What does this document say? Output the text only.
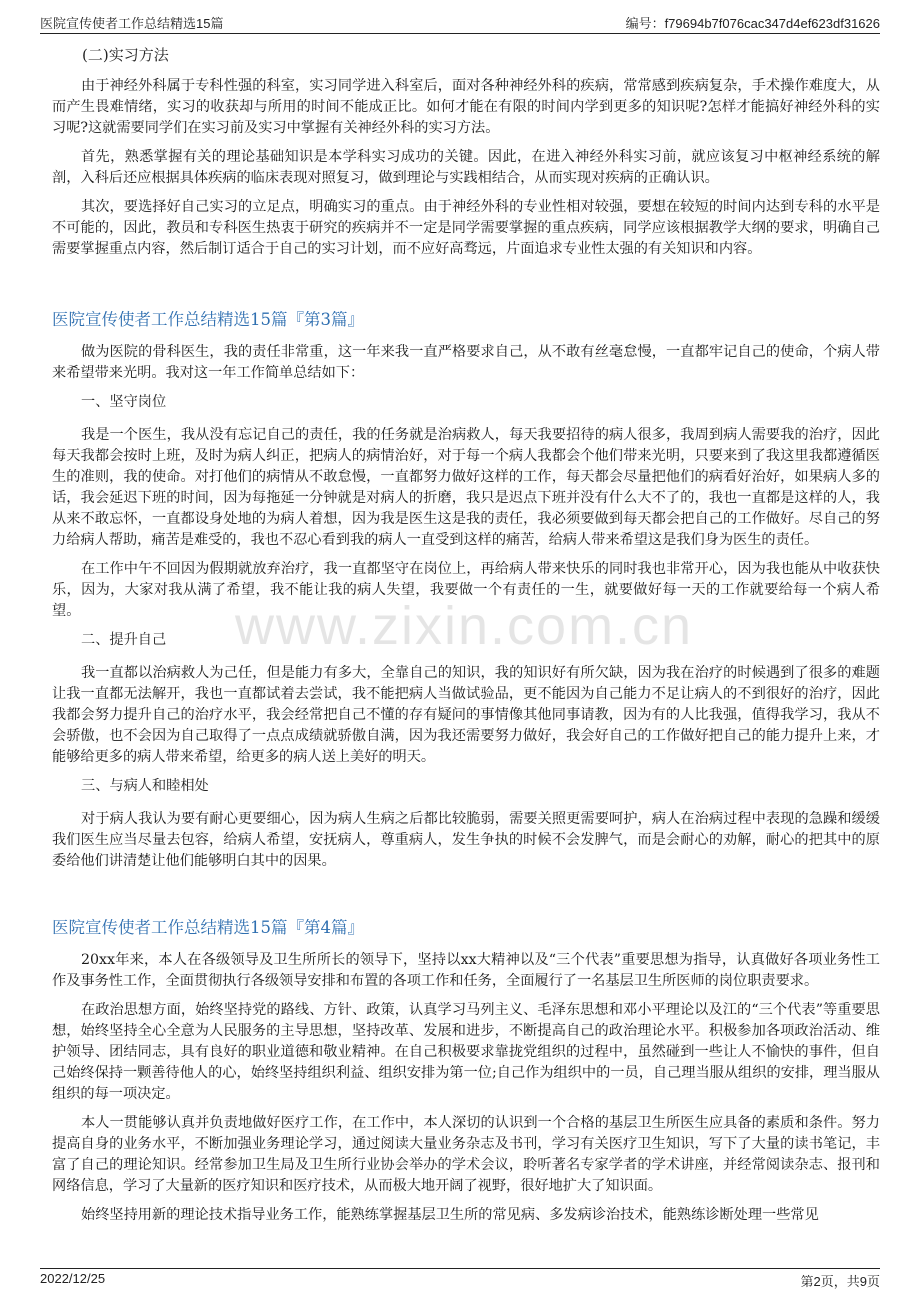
医院宣传使者工作总结精选15篇	编号：f79694b7f076cac347d4ef623df31626
(二)实习方法

由于神经外科属于专科性强的科室，实习同学进入科室后，面对各种神经外科的疾病，常常感到疾病复杂，手术操作难度大，从而产生畏难情绪，实习的收获却与所用的时间不能成正比。如何才能在有限的时间内学到更多的知识呢?怎样才能搞好神经外科的实习呢?这就需要同学们在实习前及实习中掌握有关神经外科的实习方法。

首先，熟悉掌握有关的理论基础知识是本学科实习成功的关键。因此，在进入神经外科实习前，就应该复习中枢神经系统的解剖，入科后还应根据具体疾病的临床表现对照复习，做到理论与实践相结合，从而实现对疾病的正确认识。

其次，要选择好自己实习的立足点，明确实习的重点。由于神经外科的专业性相对较强，要想在较短的时间内达到专科的水平是不可能的，因此，教员和专科医生热衷于研究的疾病并不一定是同学需要掌握的重点疾病，同学应该根据教学大纲的要求，明确自己需要掌握重点内容，然后制订适合于自己的实习计划，而不应好高骛远，片面追求专业性太强的有关知识和内容。

医院宣传使者工作总结精选15篇『第3篇』

做为医院的骨科医生，我的责任非常重，这一年来我一直严格要求自己，从不敢有丝毫怠慢，一直都牢记自己的使命，个病人带来希望带来光明。我对这一年工作简单总结如下：

一、坚守岗位

我是一个医生，我从没有忘记自己的责任，我的任务就是治病救人，每天我要招待的病人很多，我周到病人需要我的治疗，因此每天我都会按时上班，及时为病人纠正，把病人的病情治好，对于每一个病人我都会个他们带来光明，只要来到了我这里我都遵循医生的准则，我的使命。对打他们的病情从不敢怠慢，一直都努力做好这样的工作，每天都会尽量把他们的病看好治好，如果病人多的话，我会延迟下班的时间，因为每拖延一分钟就是对病人的折磨，我只是迟点下班并没有什么大不了的，我也一直都是这样的人，我从来不敢忘怀，一直都设身处地的为病人着想，因为我是医生这是我的责任，我必须要做到每天都会把自己的工作做好。尽自己的努力给病人帮助，痛苦是难受的，我也不忍心看到我的病人一直受到这样的痛苦，给病人带来希望这是我们身为医生的责任。

在工作中午不回因为假期就放弃治疗，我一直都坚守在岗位上，再给病人带来快乐的同时我也非常开心，因为我也能从中收获快乐，因为，大家对我从满了希望，我不能让我的病人失望，我要做一个有责任的一生，就要做好每一天的工作就要给每一个病人希望。

二、提升自己

我一直都以治病救人为己任，但是能力有多大，全靠自己的知识，我的知识好有所欠缺，因为我在治疗的时候遇到了很多的难题让我一直都无法解开，我也一直都试着去尝试，我不能把病人当做试验品，更不能因为自己能力不足让病人的不到很好的治疗，因此我都会努力提升自己的治疗水平，我会经常把自己不懂的存有疑问的事情像其他同事请教，因为有的人比我强，值得我学习，我从不会骄傲，也不会因为自己取得了一点点成绩就骄傲自满，因为我还需要努力做好，我会好自己的工作做好把自己的能力提升上来，才能够给更多的病人带来希望，给更多的病人送上美好的明天。

三、与病人和睦相处

对于病人我认为要有耐心更要细心，因为病人生病之后都比较脆弱，需要关照更需要呵护，病人在治病过程中表现的急躁和缓缓我们医生应当尽量去包容，给病人希望，安抚病人，尊重病人，发生争执的时候不会发脾气，而是会耐心的劝解，耐心的把其中的原委给他们讲清楚让他们能够明白其中的因果。

医院宣传使者工作总结精选15篇『第4篇』

20xx年来，本人在各级领导及卫生所所长的领导下，坚持以xx大精神以及“三个代表”重要思想为指导，认真做好各项业务性工作及事务性工作，全面贯彻执行各级领导安排和布置的各项工作和任务，全面履行了一名基层卫生所医师的岗位职责要求。

在政治思想方面，始终坚持党的路线、方针、政策，认真学习马列主义、毛泽东思想和邓小平理论以及江的“三个代表”等重要思想，始终坚持全心全意为人民服务的主导思想，坚持改革、发展和进步，不断提高自己的政治理论水平。积极参加各项政治活动、维护领导、团结同志，具有良好的职业道德和敬业精神。在自己积极要求靠拢党组织的过程中，虽然碰到一些让人不愉快的事件，但自己始终保持一颗善待他人的心，始终坚持组织利益、组织安排为第一位;自己作为组织中的一员，自己理当服从组织的安排，理当服从组织的每一项决定。

本人一贯能够认真并负责地做好医疗工作，在工作中，本人深切的认识到一个合格的基层卫生所医生应具备的素质和条件。努力提高自身的业务水平，不断加强业务理论学习，通过阅读大量业务杂志及书刊，学习有关医疗卫生知识，写下了大量的读书笔记，丰富了自己的理论知识。经常参加卫生局及卫生所行业协会举办的学术会议，聆听著名专家学者的学术讲座，并经常阅读杂志、报刊和网络信息，学习了大量新的医疗知识和医疗技术，从而极大地开阔了视野，很好地扩大了知识面。

始终坚持用新的理论技术指导业务工作，能熟练掌握基层卫生所的常见病、多发病诊治技术，能熟练诊断处理一些常见

www.zixin.com.cn
2022/12/25	第2页，共9页
